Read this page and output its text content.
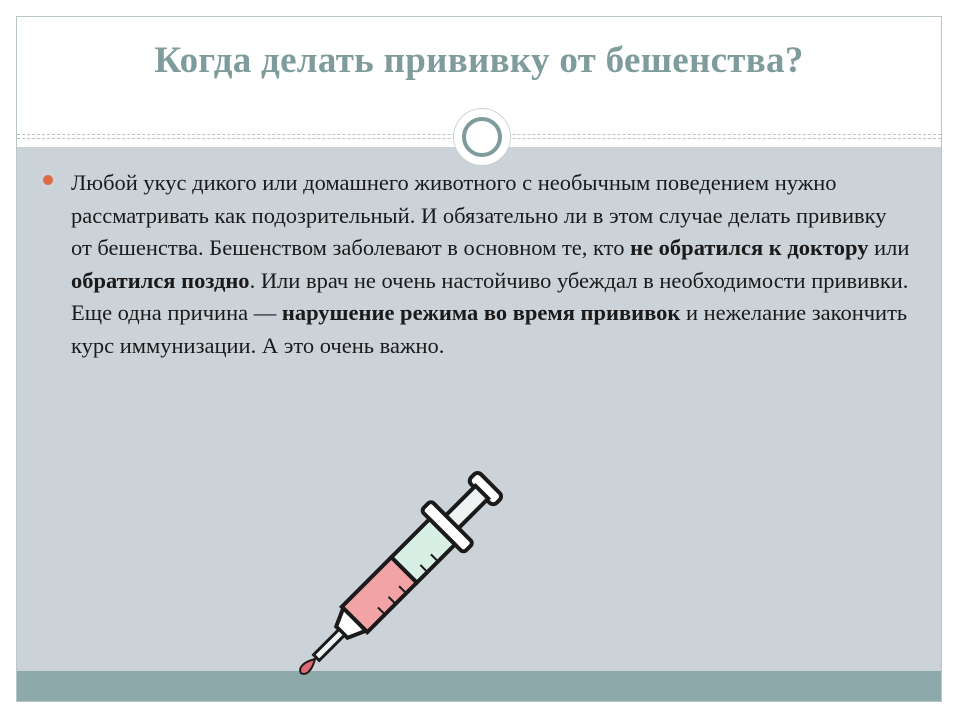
Когда делать прививку от бешенства?
Любой укус дикого или домашнего животного с необычным поведением нужно рассматривать как подозрительный. И обязательно ли в этом случае делать прививку от бешенства. Бешенством заболевают в основном те, кто не обратился к доктору или обратился поздно. Или врач не очень настойчиво убеждал в необходимости прививки. Еще одна причина — нарушение режима во время прививок и нежелание закончить курс иммунизации. А это очень важно.
